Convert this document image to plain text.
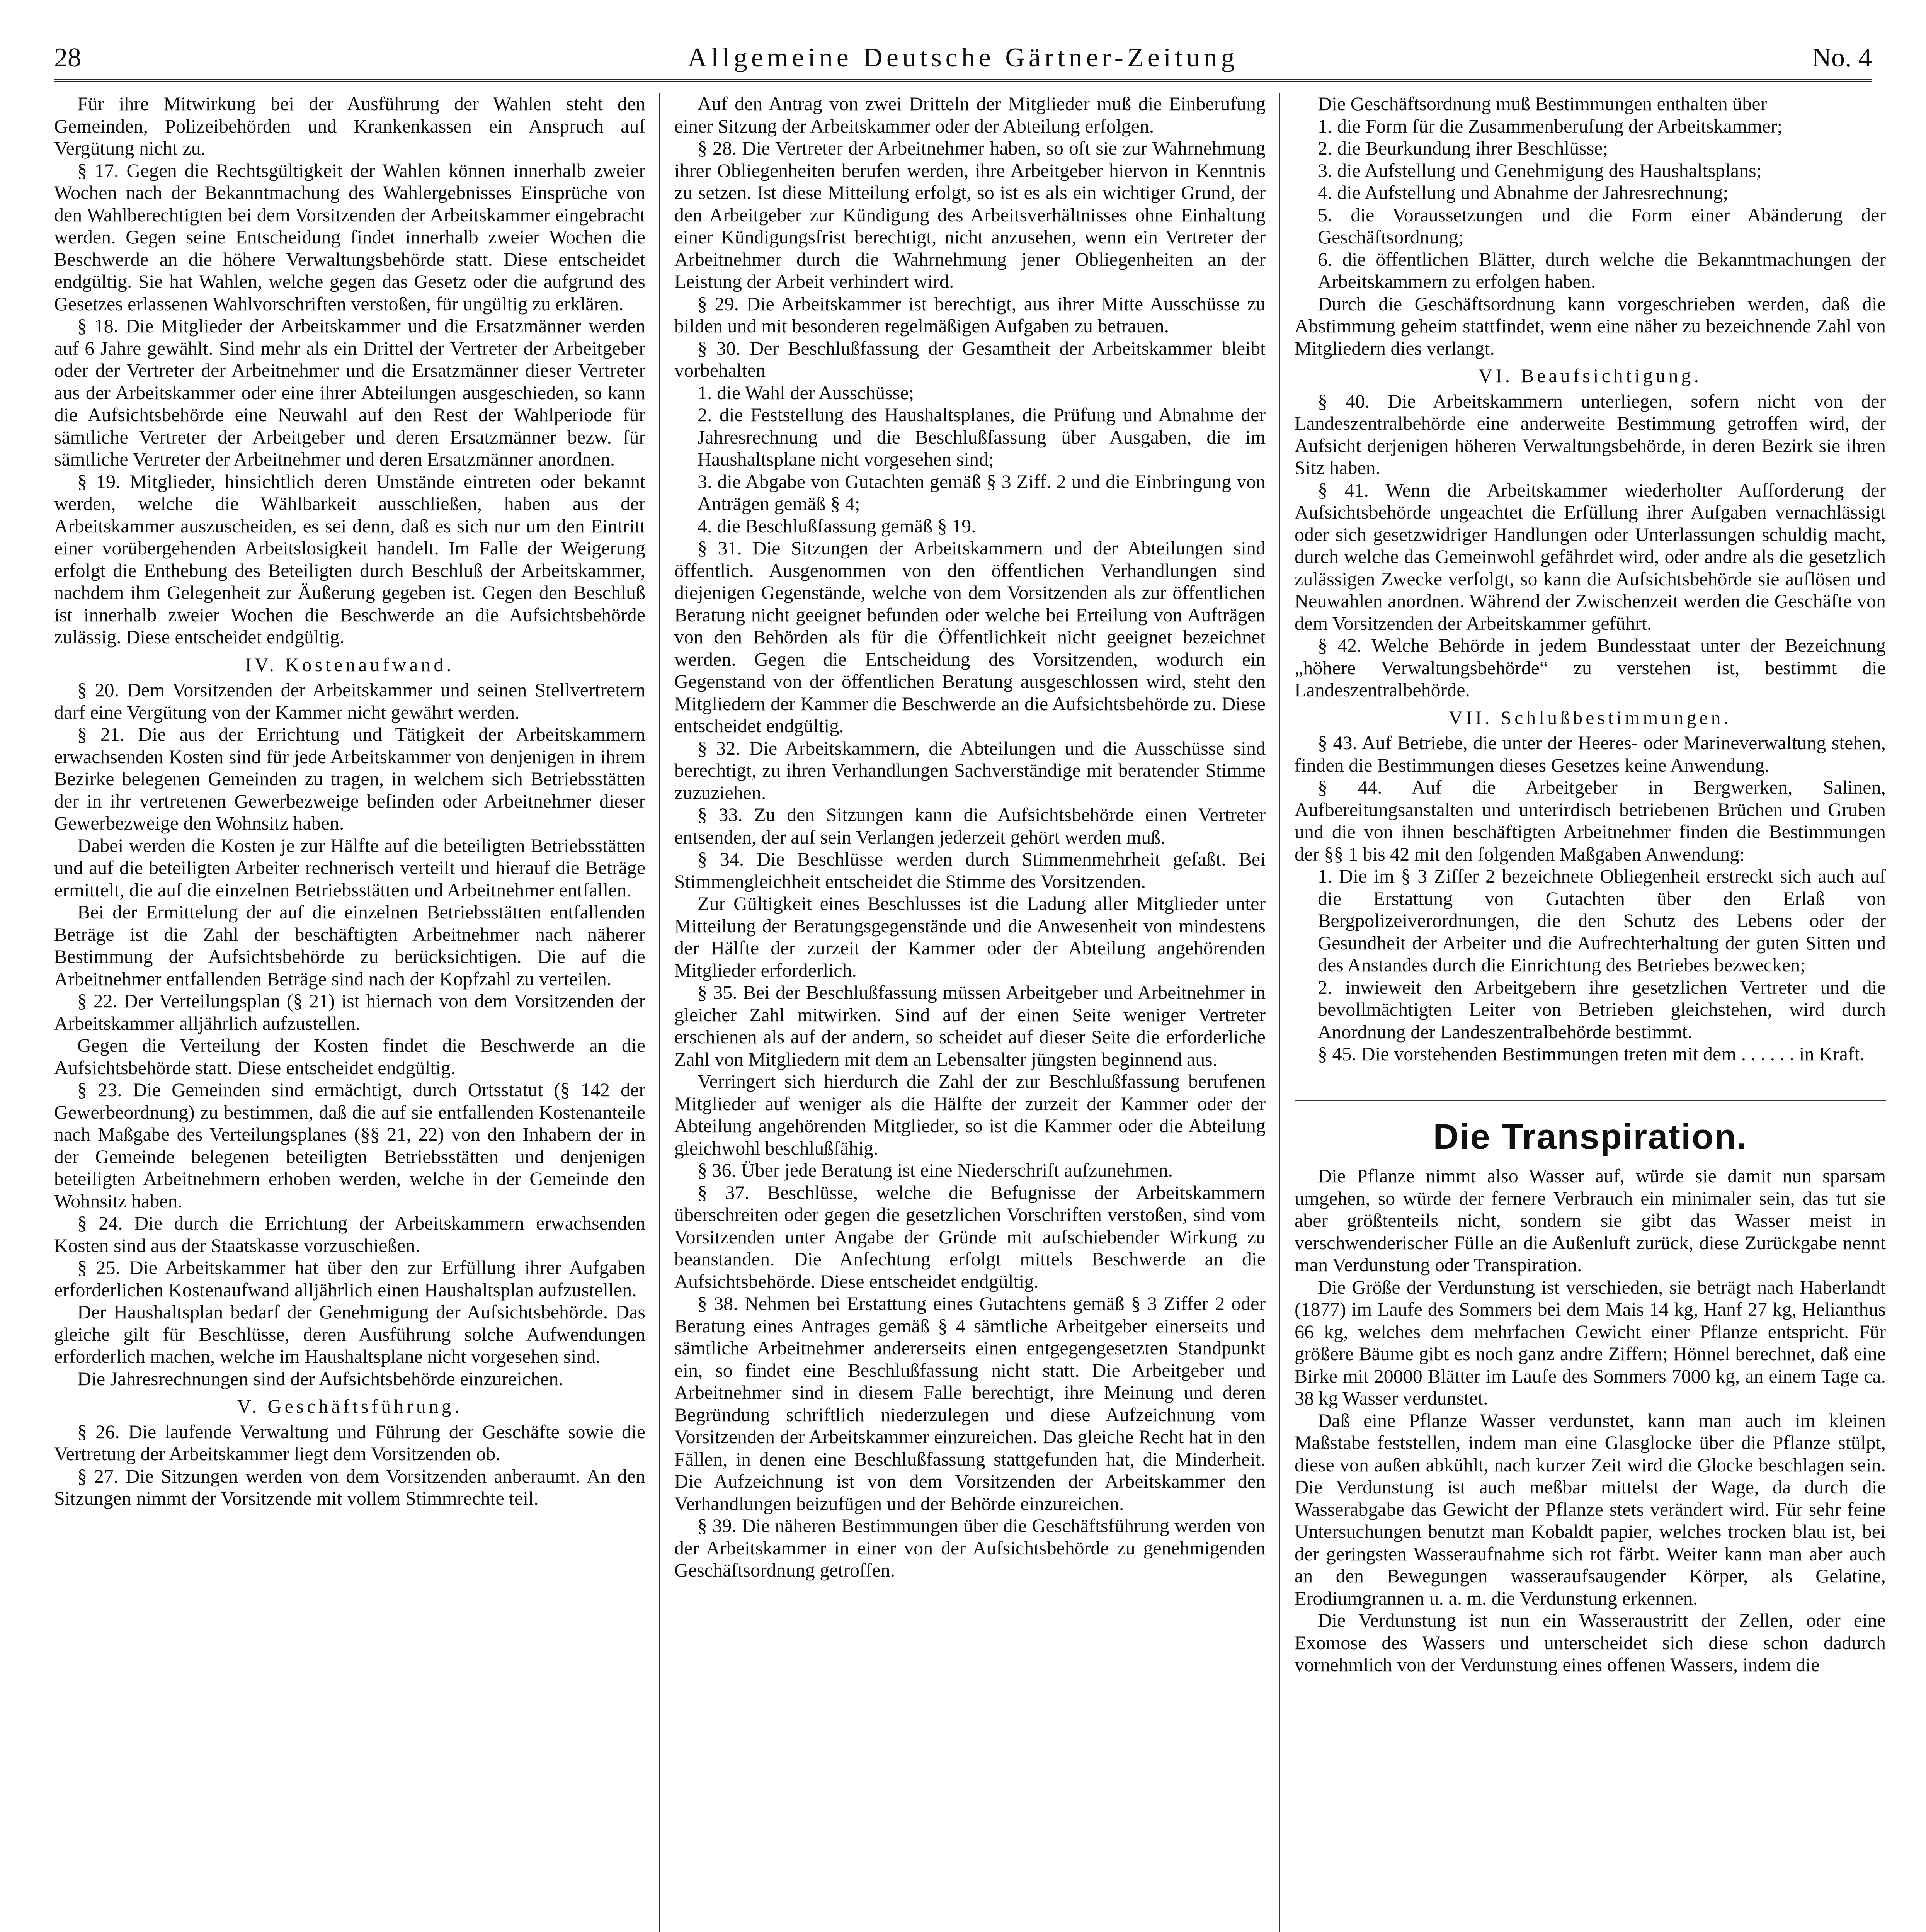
28	Allgemeine Deutsche Gärtner-Zeitung	No. 4

Für ihre Mitwirkung bei der Ausführung der Wahlen steht den Gemeinden, Polizeibehörden und Krankenkassen ein Anspruch auf Vergütung nicht zu.

§ 17. Gegen die Rechtsgültigkeit der Wahlen können innerhalb zweier Wochen nach der Bekanntmachung des Wahlergebnisses Einsprüche von den Wahlberechtigten bei dem Vorsitzenden der Arbeitskammer eingebracht werden. Gegen seine Entscheidung findet innerhalb zweier Wochen die Beschwerde an die höhere Verwaltungsbehörde statt. Diese entscheidet endgültig. Sie hat Wahlen, welche gegen das Gesetz oder die aufgrund des Gesetzes erlassenen Wahlvorschriften verstoßen, für ungültig zu erklären.

§ 18. Die Mitglieder der Arbeitskammer und die Ersatzmänner werden auf 6 Jahre gewählt. Sind mehr als ein Drittel der Vertreter der Arbeitgeber oder der Vertreter der Arbeitnehmer und die Ersatzmänner dieser Vertreter aus der Arbeitskammer oder eine ihrer Abteilungen ausgeschieden, so kann die Aufsichtsbehörde eine Neuwahl auf den Rest der Wahlperiode für sämtliche Vertreter der Arbeitgeber und deren Ersatzmänner bezw. für sämtliche Vertreter der Arbeitnehmer und deren Ersatzmänner anordnen.

§ 19. Mitglieder, hinsichtlich deren Umstände eintreten oder bekannt werden, welche die Wählbarkeit ausschließen, haben aus der Arbeitskammer auszuscheiden, es sei denn, daß es sich nur um den Eintritt einer vorübergehenden Arbeitslosigkeit handelt. Im Falle der Weigerung erfolgt die Enthebung des Beteiligten durch Beschluß der Arbeitskammer, nachdem ihm Gelegenheit zur Äußerung gegeben ist. Gegen den Beschluß ist innerhalb zweier Wochen die Beschwerde an die Aufsichtsbehörde zulässig. Diese entscheidet endgültig.

IV. Kostenaufwand.

§ 20. Dem Vorsitzenden der Arbeitskammer und seinen Stellvertretern darf eine Vergütung von der Kammer nicht gewährt werden.

§ 21. Die aus der Errichtung und Tätigkeit der Arbeitskammern erwachsenden Kosten sind für jede Arbeitskammer von denjenigen in ihrem Bezirke belegenen Gemeinden zu tragen, in welchem sich Betriebsstätten der in ihr vertretenen Gewerbezweige befinden oder Arbeitnehmer dieser Gewerbezweige den Wohnsitz haben.

Dabei werden die Kosten je zur Hälfte auf die beteiligten Betriebsstätten und auf die beteiligten Arbeiter rechnerisch verteilt und hierauf die Beträge ermittelt, die auf die einzelnen Betriebsstätten und Arbeitnehmer entfallen.

Bei der Ermittelung der auf die einzelnen Betriebsstätten entfallenden Beträge ist die Zahl der beschäftigten Arbeitnehmer nach näherer Bestimmung der Aufsichtsbehörde zu berücksichtigen. Die auf die Arbeitnehmer entfallenden Beträge sind nach der Kopfzahl zu verteilen.

§ 22. Der Verteilungsplan (§ 21) ist hiernach von dem Vorsitzenden der Arbeitskammer alljährlich aufzustellen.

Gegen die Verteilung der Kosten findet die Beschwerde an die Aufsichtsbehörde statt. Diese entscheidet endgültig.

§ 23. Die Gemeinden sind ermächtigt, durch Ortsstatut (§ 142 der Gewerbeordnung) zu bestimmen, daß die auf sie entfallenden Kostenanteile nach Maßgabe des Verteilungsplanes (§§ 21, 22) von den Inhabern der in der Gemeinde belegenen beteiligten Betriebsstätten und denjenigen beteiligten Arbeitnehmern erhoben werden, welche in der Gemeinde den Wohnsitz haben.

§ 24. Die durch die Errichtung der Arbeitskammern erwachsenden Kosten sind aus der Staatskasse vorzuschießen.

§ 25. Die Arbeitskammer hat über den zur Erfüllung ihrer Aufgaben erforderlichen Kostenaufwand alljährlich einen Haushaltsplan aufzustellen.

Der Haushaltsplan bedarf der Genehmigung der Aufsichtsbehörde. Das gleiche gilt für Beschlüsse, deren Ausführung solche Aufwendungen erforderlich machen, welche im Haushaltsplane nicht vorgesehen sind.

Die Jahresrechnungen sind der Aufsichtsbehörde einzureichen.

V. Geschäftsführung.

§ 26. Die laufende Verwaltung und Führung der Geschäfte sowie die Vertretung der Arbeitskammer liegt dem Vorsitzenden ob.

§ 27. Die Sitzungen werden von dem Vorsitzenden anberaumt. An den Sitzungen nimmt der Vorsitzende mit vollem Stimmrechte teil.

Auf den Antrag von zwei Dritteln der Mitglieder muß die Einberufung einer Sitzung der Arbeitskammer oder der Abteilung erfolgen.

§ 28. Die Vertreter der Arbeitnehmer haben, so oft sie zur Wahrnehmung ihrer Obliegenheiten berufen werden, ihre Arbeitgeber hiervon in Kenntnis zu setzen. Ist diese Mitteilung erfolgt, so ist es als ein wichtiger Grund, der den Arbeitgeber zur Kündigung des Arbeitsverhältnisses ohne Einhaltung einer Kündigungsfrist berechtigt, nicht anzusehen, wenn ein Vertreter der Arbeitnehmer durch die Wahrnehmung jener Obliegenheiten an der Leistung der Arbeit verhindert wird.

§ 29. Die Arbeitskammer ist berechtigt, aus ihrer Mitte Ausschüsse zu bilden und mit besonderen regelmäßigen Aufgaben zu betrauen.

§ 30. Der Beschlußfassung der Gesamtheit der Arbeitskammer bleibt vorbehalten

1. die Wahl der Ausschüsse;

2. die Feststellung des Haushaltsplanes, die Prüfung und Abnahme der Jahresrechnung und die Beschlußfassung über Ausgaben, die im Haushaltsplane nicht vorgesehen sind;

3. die Abgabe von Gutachten gemäß § 3 Ziff. 2 und die Einbringung von Anträgen gemäß § 4;

4. die Beschlußfassung gemäß § 19.

§ 31. Die Sitzungen der Arbeitskammern und der Abteilungen sind öffentlich. Ausgenommen von den öffentlichen Verhandlungen sind diejenigen Gegenstände, welche von dem Vorsitzenden als zur öffentlichen Beratung nicht geeignet befunden oder welche bei Erteilung von Aufträgen von den Behörden als für die Öffentlichkeit nicht geeignet bezeichnet werden. Gegen die Entscheidung des Vorsitzenden, wodurch ein Gegenstand von der öffentlichen Beratung ausgeschlossen wird, steht den Mitgliedern der Kammer die Beschwerde an die Aufsichtsbehörde zu. Diese entscheidet endgültig.

§ 32. Die Arbeitskammern, die Abteilungen und die Ausschüsse sind berechtigt, zu ihren Verhandlungen Sachverständige mit beratender Stimme zuzuziehen.

§ 33. Zu den Sitzungen kann die Aufsichtsbehörde einen Vertreter entsenden, der auf sein Verlangen jederzeit gehört werden muß.

§ 34. Die Beschlüsse werden durch Stimmenmehrheit gefaßt. Bei Stimmengleichheit entscheidet die Stimme des Vorsitzenden.

Zur Gültigkeit eines Beschlusses ist die Ladung aller Mitglieder unter Mitteilung der Beratungsgegenstände und die Anwesenheit von mindestens der Hälfte der zurzeit der Kammer oder der Abteilung angehörenden Mitglieder erforderlich.

§ 35. Bei der Beschlußfassung müssen Arbeitgeber und Arbeitnehmer in gleicher Zahl mitwirken. Sind auf der einen Seite weniger Vertreter erschienen als auf der andern, so scheidet auf dieser Seite die erforderliche Zahl von Mitgliedern mit dem an Lebensalter jüngsten beginnend aus.

Verringert sich hierdurch die Zahl der zur Beschlußfassung berufenen Mitglieder auf weniger als die Hälfte der zurzeit der Kammer oder der Abteilung angehörenden Mitglieder, so ist die Kammer oder die Abteilung gleichwohl beschlußfähig.

§ 36. Über jede Beratung ist eine Niederschrift aufzunehmen.

§ 37. Beschlüsse, welche die Befugnisse der Arbeitskammern überschreiten oder gegen die gesetzlichen Vorschriften verstoßen, sind vom Vorsitzenden unter Angabe der Gründe mit aufschiebender Wirkung zu beanstanden. Die Anfechtung erfolgt mittels Beschwerde an die Aufsichtsbehörde. Diese entscheidet endgültig.

§ 38. Nehmen bei Erstattung eines Gutachtens gemäß § 3 Ziffer 2 oder Beratung eines Antrages gemäß § 4 sämtliche Arbeitgeber einerseits und sämtliche Arbeitnehmer andererseits einen entgegengesetzten Standpunkt ein, so findet eine Beschlußfassung nicht statt. Die Arbeitgeber und Arbeitnehmer sind in diesem Falle berechtigt, ihre Meinung und deren Begründung schriftlich niederzulegen und diese Aufzeichnung vom Vorsitzenden der Arbeitskammer einzureichen. Das gleiche Recht hat in den Fällen, in denen eine Beschlußfassung stattgefunden hat, die Minderheit. Die Aufzeichnung ist von dem Vorsitzenden der Arbeitskammer den Verhandlungen beizufügen und der Behörde einzureichen.

§ 39. Die näheren Bestimmungen über die Geschäftsführung werden von der Arbeitskammer in einer von der Aufsichtsbehörde zu genehmigenden Geschäftsordnung getroffen.

Die Geschäftsordnung muß Bestimmungen enthalten über

1. die Form für die Zusammenberufung der Arbeitskammer;

2. die Beurkundung ihrer Beschlüsse;

3. die Aufstellung und Genehmigung des Haushaltsplans;

4. die Aufstellung und Abnahme der Jahresrechnung;

5. die Voraussetzungen und die Form einer Abänderung der Geschäftsordnung;

6. die öffentlichen Blätter, durch welche die Bekanntmachungen der Arbeitskammern zu erfolgen haben.

Durch die Geschäftsordnung kann vorgeschrieben werden, daß die Abstimmung geheim stattfindet, wenn eine näher zu bezeichnende Zahl von Mitgliedern dies verlangt.

VI. Beaufsichtigung.

§ 40. Die Arbeitskammern unterliegen, sofern nicht von der Landeszentralbehörde eine anderweite Bestimmung getroffen wird, der Aufsicht derjenigen höheren Verwaltungsbehörde, in deren Bezirk sie ihren Sitz haben.

§ 41. Wenn die Arbeitskammer wiederholter Aufforderung der Aufsichtsbehörde ungeachtet die Erfüllung ihrer Aufgaben vernachlässigt oder sich gesetzwidriger Handlungen oder Unterlassungen schuldig macht, durch welche das Gemeinwohl gefährdet wird, oder andre als die gesetzlich zulässigen Zwecke verfolgt, so kann die Aufsichtsbehörde sie auflösen und Neuwahlen anordnen. Während der Zwischenzeit werden die Geschäfte von dem Vorsitzenden der Arbeitskammer geführt.

§ 42. Welche Behörde in jedem Bundesstaat unter der Bezeichnung „höhere Verwaltungsbehörde“ zu verstehen ist, bestimmt die Landeszentralbehörde.

VII. Schlußbestimmungen.

§ 43. Auf Betriebe, die unter der Heeres- oder Marineverwaltung stehen, finden die Bestimmungen dieses Gesetzes keine Anwendung.

§ 44. Auf die Arbeitgeber in Bergwerken, Salinen, Aufbereitungsanstalten und unterirdisch betriebenen Brüchen und Gruben und die von ihnen beschäftigten Arbeitnehmer finden die Bestimmungen der §§ 1 bis 42 mit den folgenden Maßgaben Anwendung:

1. Die im § 3 Ziffer 2 bezeichnete Obliegenheit erstreckt sich auch auf die Erstattung von Gutachten über den Erlaß von Bergpolizeiverordnungen, die den Schutz des Lebens oder der Gesundheit der Arbeiter und die Aufrechterhaltung der guten Sitten und des Anstandes durch die Einrichtung des Betriebes bezwecken;

2. inwieweit den Arbeitgebern ihre gesetzlichen Vertreter und die bevollmächtigten Leiter von Betrieben gleichstehen, wird durch Anordnung der Landeszentralbehörde bestimmt.

§ 45. Die vorstehenden Bestimmungen treten mit dem . . . . . . in Kraft.

Die Transpiration.

Die Pflanze nimmt also Wasser auf, würde sie damit nun sparsam umgehen, so würde der fernere Verbrauch ein minimaler sein, das tut sie aber größtenteils nicht, sondern sie gibt das Wasser meist in verschwenderischer Fülle an die Außenluft zurück, diese Zurückgabe nennt man Verdunstung oder Transpiration.

Die Größe der Verdunstung ist verschieden, sie beträgt nach Haberlandt (1877) im Laufe des Sommers bei dem Mais 14 kg, Hanf 27 kg, Helianthus 66 kg, welches dem mehrfachen Gewicht einer Pflanze entspricht. Für größere Bäume gibt es noch ganz andre Ziffern; Hönnel berechnet, daß eine Birke mit 20000 Blätter im Laufe des Sommers 7000 kg, an einem Tage ca. 38 kg Wasser verdunstet.

Daß eine Pflanze Wasser verdunstet, kann man auch im kleinen Maßstabe feststellen, indem man eine Glasglocke über die Pflanze stülpt, diese von außen abkühlt, nach kurzer Zeit wird die Glocke beschlagen sein. Die Verdunstung ist auch meßbar mittelst der Wage, da durch die Wasserabgabe das Gewicht der Pflanze stets verändert wird. Für sehr feine Untersuchungen benutzt man Kobaldt papier, welches trocken blau ist, bei der geringsten Wasseraufnahme sich rot färbt. Weiter kann man aber auch an den Bewegungen wasseraufsaugender Körper, als Gelatine, Erodiumgrannen u. a. m. die Verdunstung erkennen.

Die Verdunstung ist nun ein Wasseraustritt der Zellen, oder eine Exomose des Wassers und unterscheidet sich diese schon dadurch vornehmlich von der Verdunstung eines offenen Wassers, indem die
